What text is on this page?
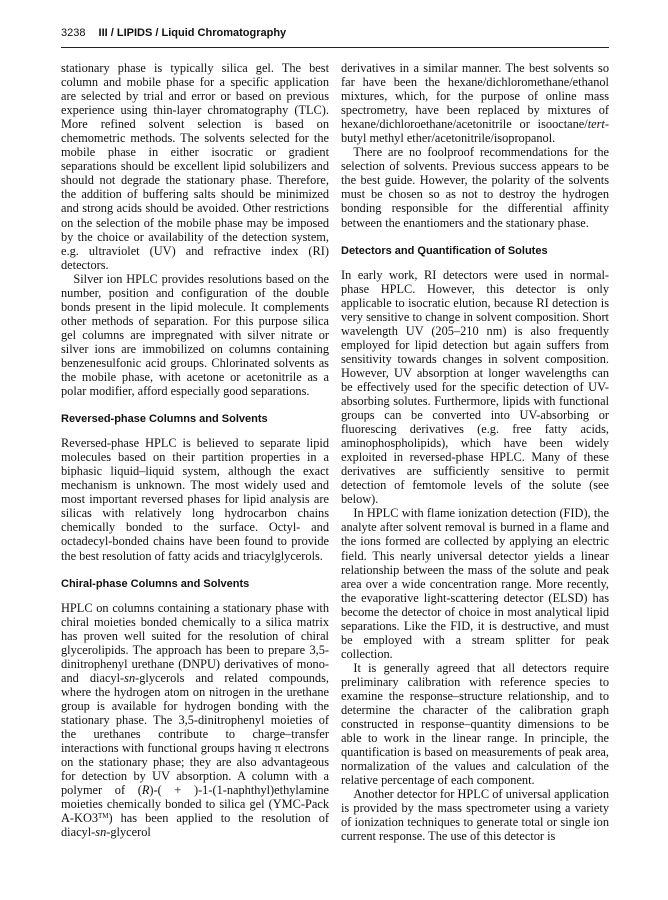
3238 III / LIPIDS / Liquid Chromatography

stationary phase is typically silica gel. The best column and mobile phase for a specific application are selected by trial and error or based on previous experience using thin-layer chromatography (TLC). More refined solvent selection is based on chemometric methods. The solvents selected for the mobile phase in either isocratic or gradient separations should be excellent lipid solubilizers and should not degrade the stationary phase. Therefore, the addition of buffering salts should be minimized and strong acids should be avoided. Other restrictions on the selection of the mobile phase may be imposed by the choice or availability of the detection system, e.g. ultraviolet (UV) and refractive index (RI) detectors.

Silver ion HPLC provides resolutions based on the number, position and configuration of the double bonds present in the lipid molecule. It complements other methods of separation. For this purpose silica gel columns are impregnated with silver nitrate or silver ions are immobilized on columns containing benzenesulfonic acid groups. Chlorinated solvents as the mobile phase, with acetone or acetonitrile as a polar modifier, afford especially good separations.

Reversed-phase Columns and Solvents

Reversed-phase HPLC is believed to separate lipid molecules based on their partition properties in a biphasic liquid–liquid system, although the exact mechanism is unknown. The most widely used and most important reversed phases for lipid analysis are silicas with relatively long hydrocarbon chains chemically bonded to the surface. Octyl- and octadecyl-bonded chains have been found to provide the best resolution of fatty acids and triacylglycerols.

Chiral-phase Columns and Solvents

HPLC on columns containing a stationary phase with chiral moieties bonded chemically to a silica matrix has proven well suited for the resolution of chiral glycerolipids. The approach has been to prepare 3,5-dinitrophenyl urethane (DNPU) derivatives of mono- and diacyl-sn-glycerols and related compounds, where the hydrogen atom on nitrogen in the urethane group is available for hydrogen bonding with the stationary phase. The 3,5-dinitrophenyl moieties of the urethanes contribute to charge–transfer interactions with functional groups having π electrons on the stationary phase; they are also advantageous for detection by UV absorption. A column with a polymer of (R)-( + )-1-(1-naphthyl)ethylamine moieties chemically bonded to silica gel (YMC-Pack A-KO3™) has been applied to the resolution of diacyl-sn-glycerol

derivatives in a similar manner. The best solvents so far have been the hexane/dichloromethane/ethanol mixtures, which, for the purpose of online mass spectrometry, have been replaced by mixtures of hexane/dichloroethane/acetonitrile or isooctane/tert-butyl methyl ether/acetonitrile/isopropanol.

There are no foolproof recommendations for the selection of solvents. Previous success appears to be the best guide. However, the polarity of the solvents must be chosen so as not to destroy the hydrogen bonding responsible for the differential affinity between the enantiomers and the stationary phase.

Detectors and Quantification of Solutes

In early work, RI detectors were used in normal-phase HPLC. However, this detector is only applicable to isocratic elution, because RI detection is very sensitive to change in solvent composition. Short wavelength UV (205–210 nm) is also frequently employed for lipid detection but again suffers from sensitivity towards changes in solvent composition. However, UV absorption at longer wavelengths can be effectively used for the specific detection of UV-absorbing solutes. Furthermore, lipids with functional groups can be converted into UV-absorbing or fluorescing derivatives (e.g. free fatty acids, aminophospholipids), which have been widely exploited in reversed-phase HPLC. Many of these derivatives are sufficiently sensitive to permit detection of femtomole levels of the solute (see below).

In HPLC with flame ionization detection (FID), the analyte after solvent removal is burned in a flame and the ions formed are collected by applying an electric field. This nearly universal detector yields a linear relationship between the mass of the solute and peak area over a wide concentration range. More recently, the evaporative light-scattering detector (ELSD) has become the detector of choice in most analytical lipid separations. Like the FID, it is destructive, and must be employed with a stream splitter for peak collection.

It is generally agreed that all detectors require preliminary calibration with reference species to examine the response–structure relationship, and to determine the character of the calibration graph constructed in response–quantity dimensions to be able to work in the linear range. In principle, the quantification is based on measurements of peak area, normalization of the values and calculation of the relative percentage of each component.

Another detector for HPLC of universal application is provided by the mass spectrometer using a variety of ionization techniques to generate total or single ion current response. The use of this detector is
